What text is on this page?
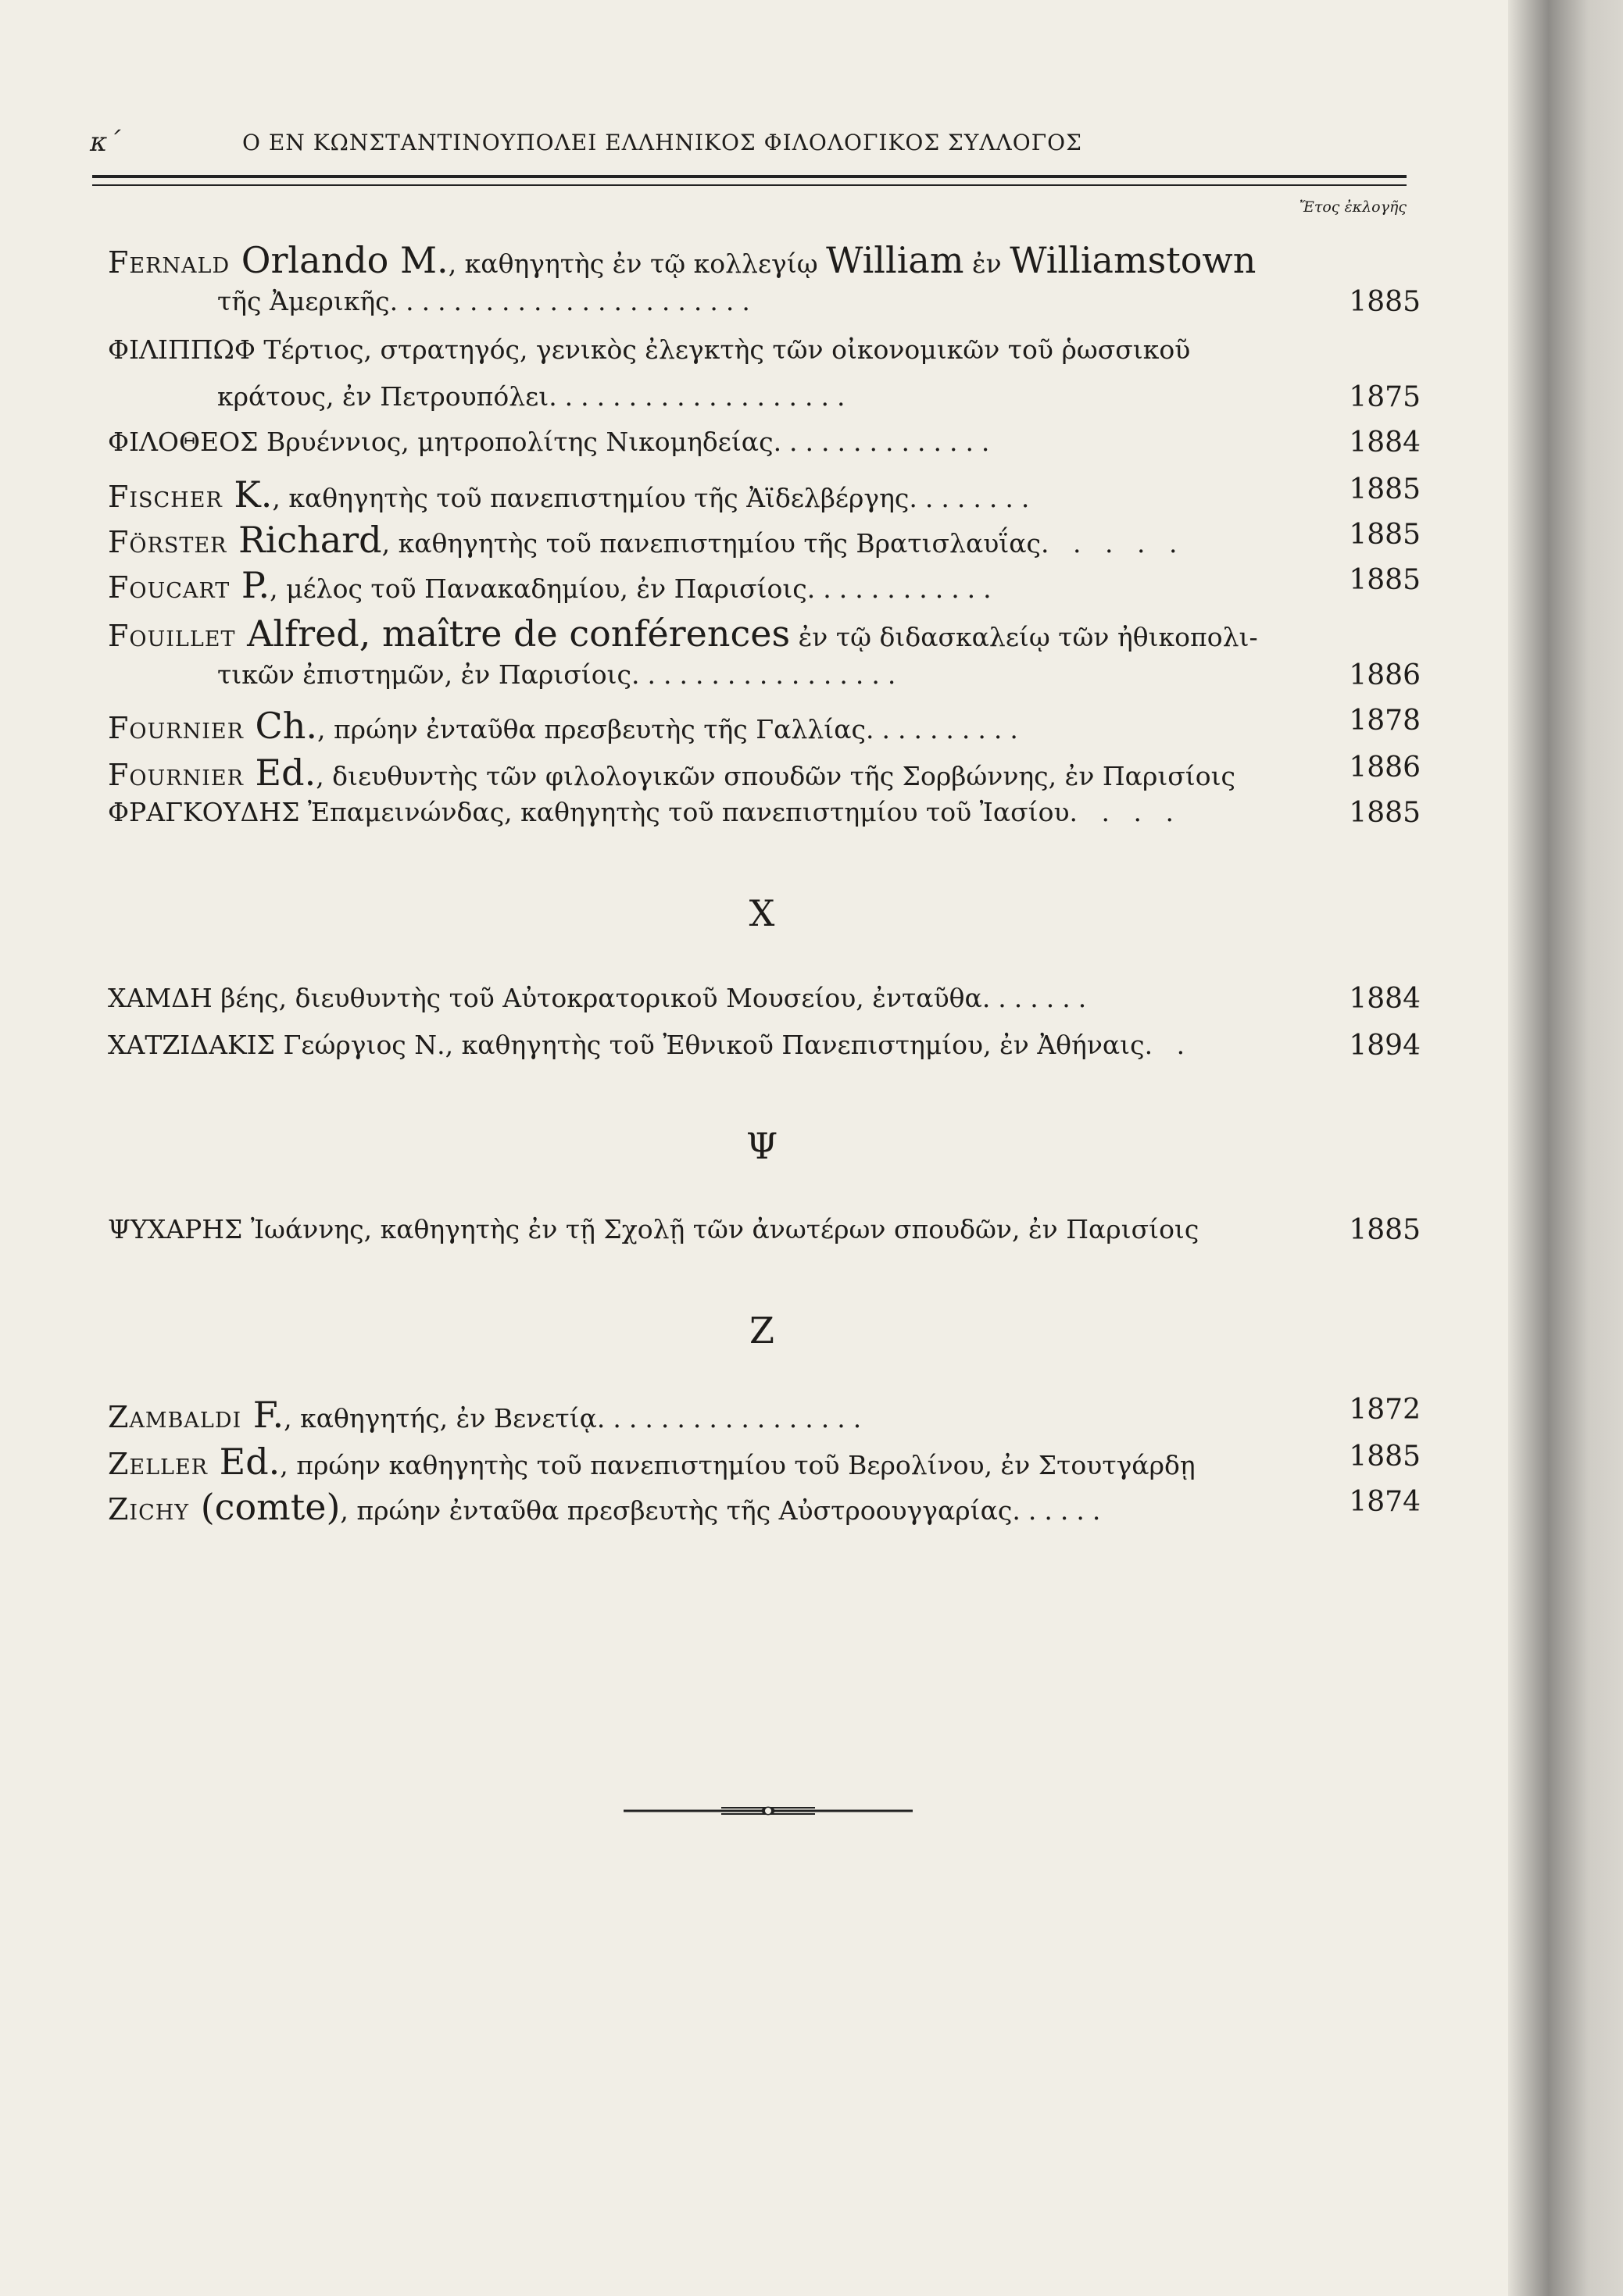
κ΄	Ο ΕΝ ΚΩΝΣΤΑΝΤΙΝΟΥΠΟΛΕΙ ΕΛΛΗΝΙΚΟΣ ΦΙΛΟΛΟΓΙΚΟΣ ΣΥΛΛΟΓΟΣ
Ἔτος ἐκλογῆς
Fernald Orlando M., καθηγητὴς ἐν τῷ κολλεγίῳ William ἐν Williamstown
τῆς Ἀμερικῆς.......................	1885
ΦΙΛΙΠΠΩΦ Τέρτιος, στρατηγός, γενικὸς ἐλεγκτὴς τῶν οἰκονομικῶν τοῦ ῥωσσικοῦ
κράτους, ἐν Πετρουπόλει...................	1875
ΦΙΛΟΘΕΟΣ Βρυέννιος, μητροπολίτης Νικομηδείας..............	1884
Fischer K., καθηγητὴς τοῦ πανεπιστημίου τῆς Ἀϊδελβέργης........	1885
Förster Richard, καθηγητὴς τοῦ πανεπιστημίου τῆς Βρατισλαυΐας. . . . .	1885
Foucart P., μέλος τοῦ Πανακαδημίου, ἐν Παρισίοις............	1885
Fouillet Alfred, maître de conférences ἐν τῷ διδασκαλείῳ τῶν ἠθικοπολι-
τικῶν ἐπιστημῶν, ἐν Παρισίοις.................	1886
Fournier Ch., πρώην ἐνταῦθα πρεσβευτὴς τῆς Γαλλίας..........	1878
Fournier Ed., διευθυντὴς τῶν φιλολογικῶν σπουδῶν τῆς Σορβώννης, ἐν Παρισίοις	1886
ΦΡΑΓΚΟΥΔΗΣ Ἐπαμεινώνδας, καθηγητὴς τοῦ πανεπιστημίου τοῦ Ἰασίου. . . .	1885
X
ΧΑΜΔΗ βέης, διευθυντὴς τοῦ Αὐτοκρατορικοῦ Μουσείου, ἐνταῦθα.......	1884
ΧΑΤΖΙΔΑΚΙΣ Γεώργιος Ν., καθηγητὴς τοῦ Ἐθνικοῦ Πανεπιστημίου, ἐν Ἀθήναις. .	1894
Ψ
ΨΥΧΑΡΗΣ Ἰωάννης, καθηγητὴς ἐν τῇ Σχολῇ τῶν ἀνωτέρων σπουδῶν, ἐν Παρισίοις	1885
Z
Zambaldi F., καθηγητής, ἐν Βενετίᾳ.................	1872
Zeller Ed., πρώην καθηγητὴς τοῦ πανεπιστημίου τοῦ Βερολίνου, ἐν Στουτγάρδῃ	1885
Zichy (comte), πρώην ἐνταῦθα πρεσβευτὴς τῆς Αὐστροουγγαρίας......	1874
